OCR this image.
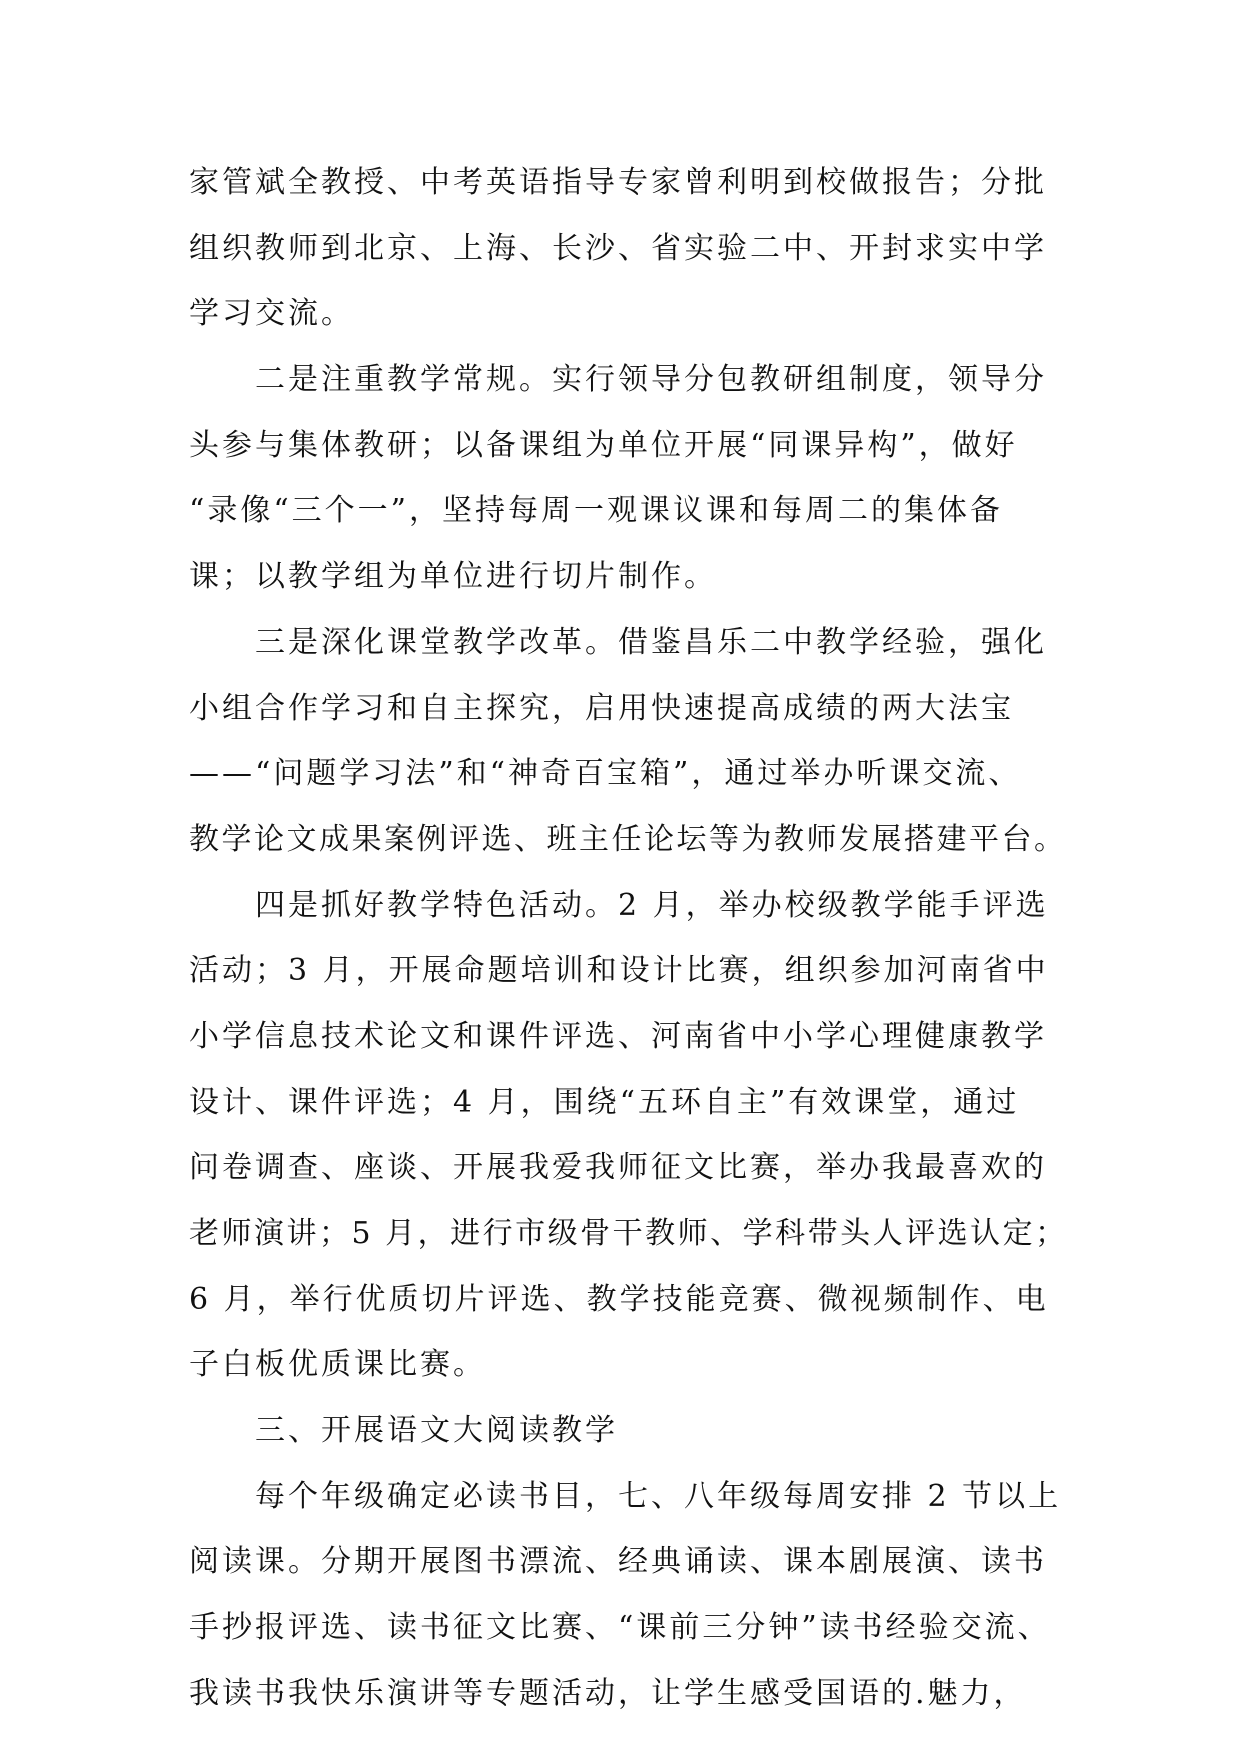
家管斌全教授、中考英语指导专家曾利明到校做报告；分批
组织教师到北京、上海、长沙、省实验二中、开封求实中学
学习交流。
二是注重教学常规。实行领导分包教研组制度，领导分
头参与集体教研；以备课组为单位开展“同课异构”，做好
“录像“三个一”，坚持每周一观课议课和每周二的集体备
课；以教学组为单位进行切片制作。
三是深化课堂教学改革。借鉴昌乐二中教学经验，强化
小组合作学习和自主探究，启用快速提高成绩的两大法宝
——“问题学习法”和“神奇百宝箱”，通过举办听课交流、
教学论文成果案例评选、班主任论坛等为教师发展搭建平台。
四是抓好教学特色活动。2 月，举办校级教学能手评选
活动；3 月，开展命题培训和设计比赛，组织参加河南省中
小学信息技术论文和课件评选、河南省中小学心理健康教学
设计、课件评选；4 月，围绕“五环自主”有效课堂，通过
问卷调查、座谈、开展我爱我师征文比赛，举办我最喜欢的
老师演讲；5 月，进行市级骨干教师、学科带头人评选认定；
6 月，举行优质切片评选、教学技能竞赛、微视频制作、电
子白板优质课比赛。
三、开展语文大阅读教学
每个年级确定必读书目，七、八年级每周安排 2 节以上
阅读课。分期开展图书漂流、经典诵读、课本剧展演、读书
手抄报评选、读书征文比赛、“课前三分钟”读书经验交流、
我读书我快乐演讲等专题活动，让学生感受国语的.魅力，
